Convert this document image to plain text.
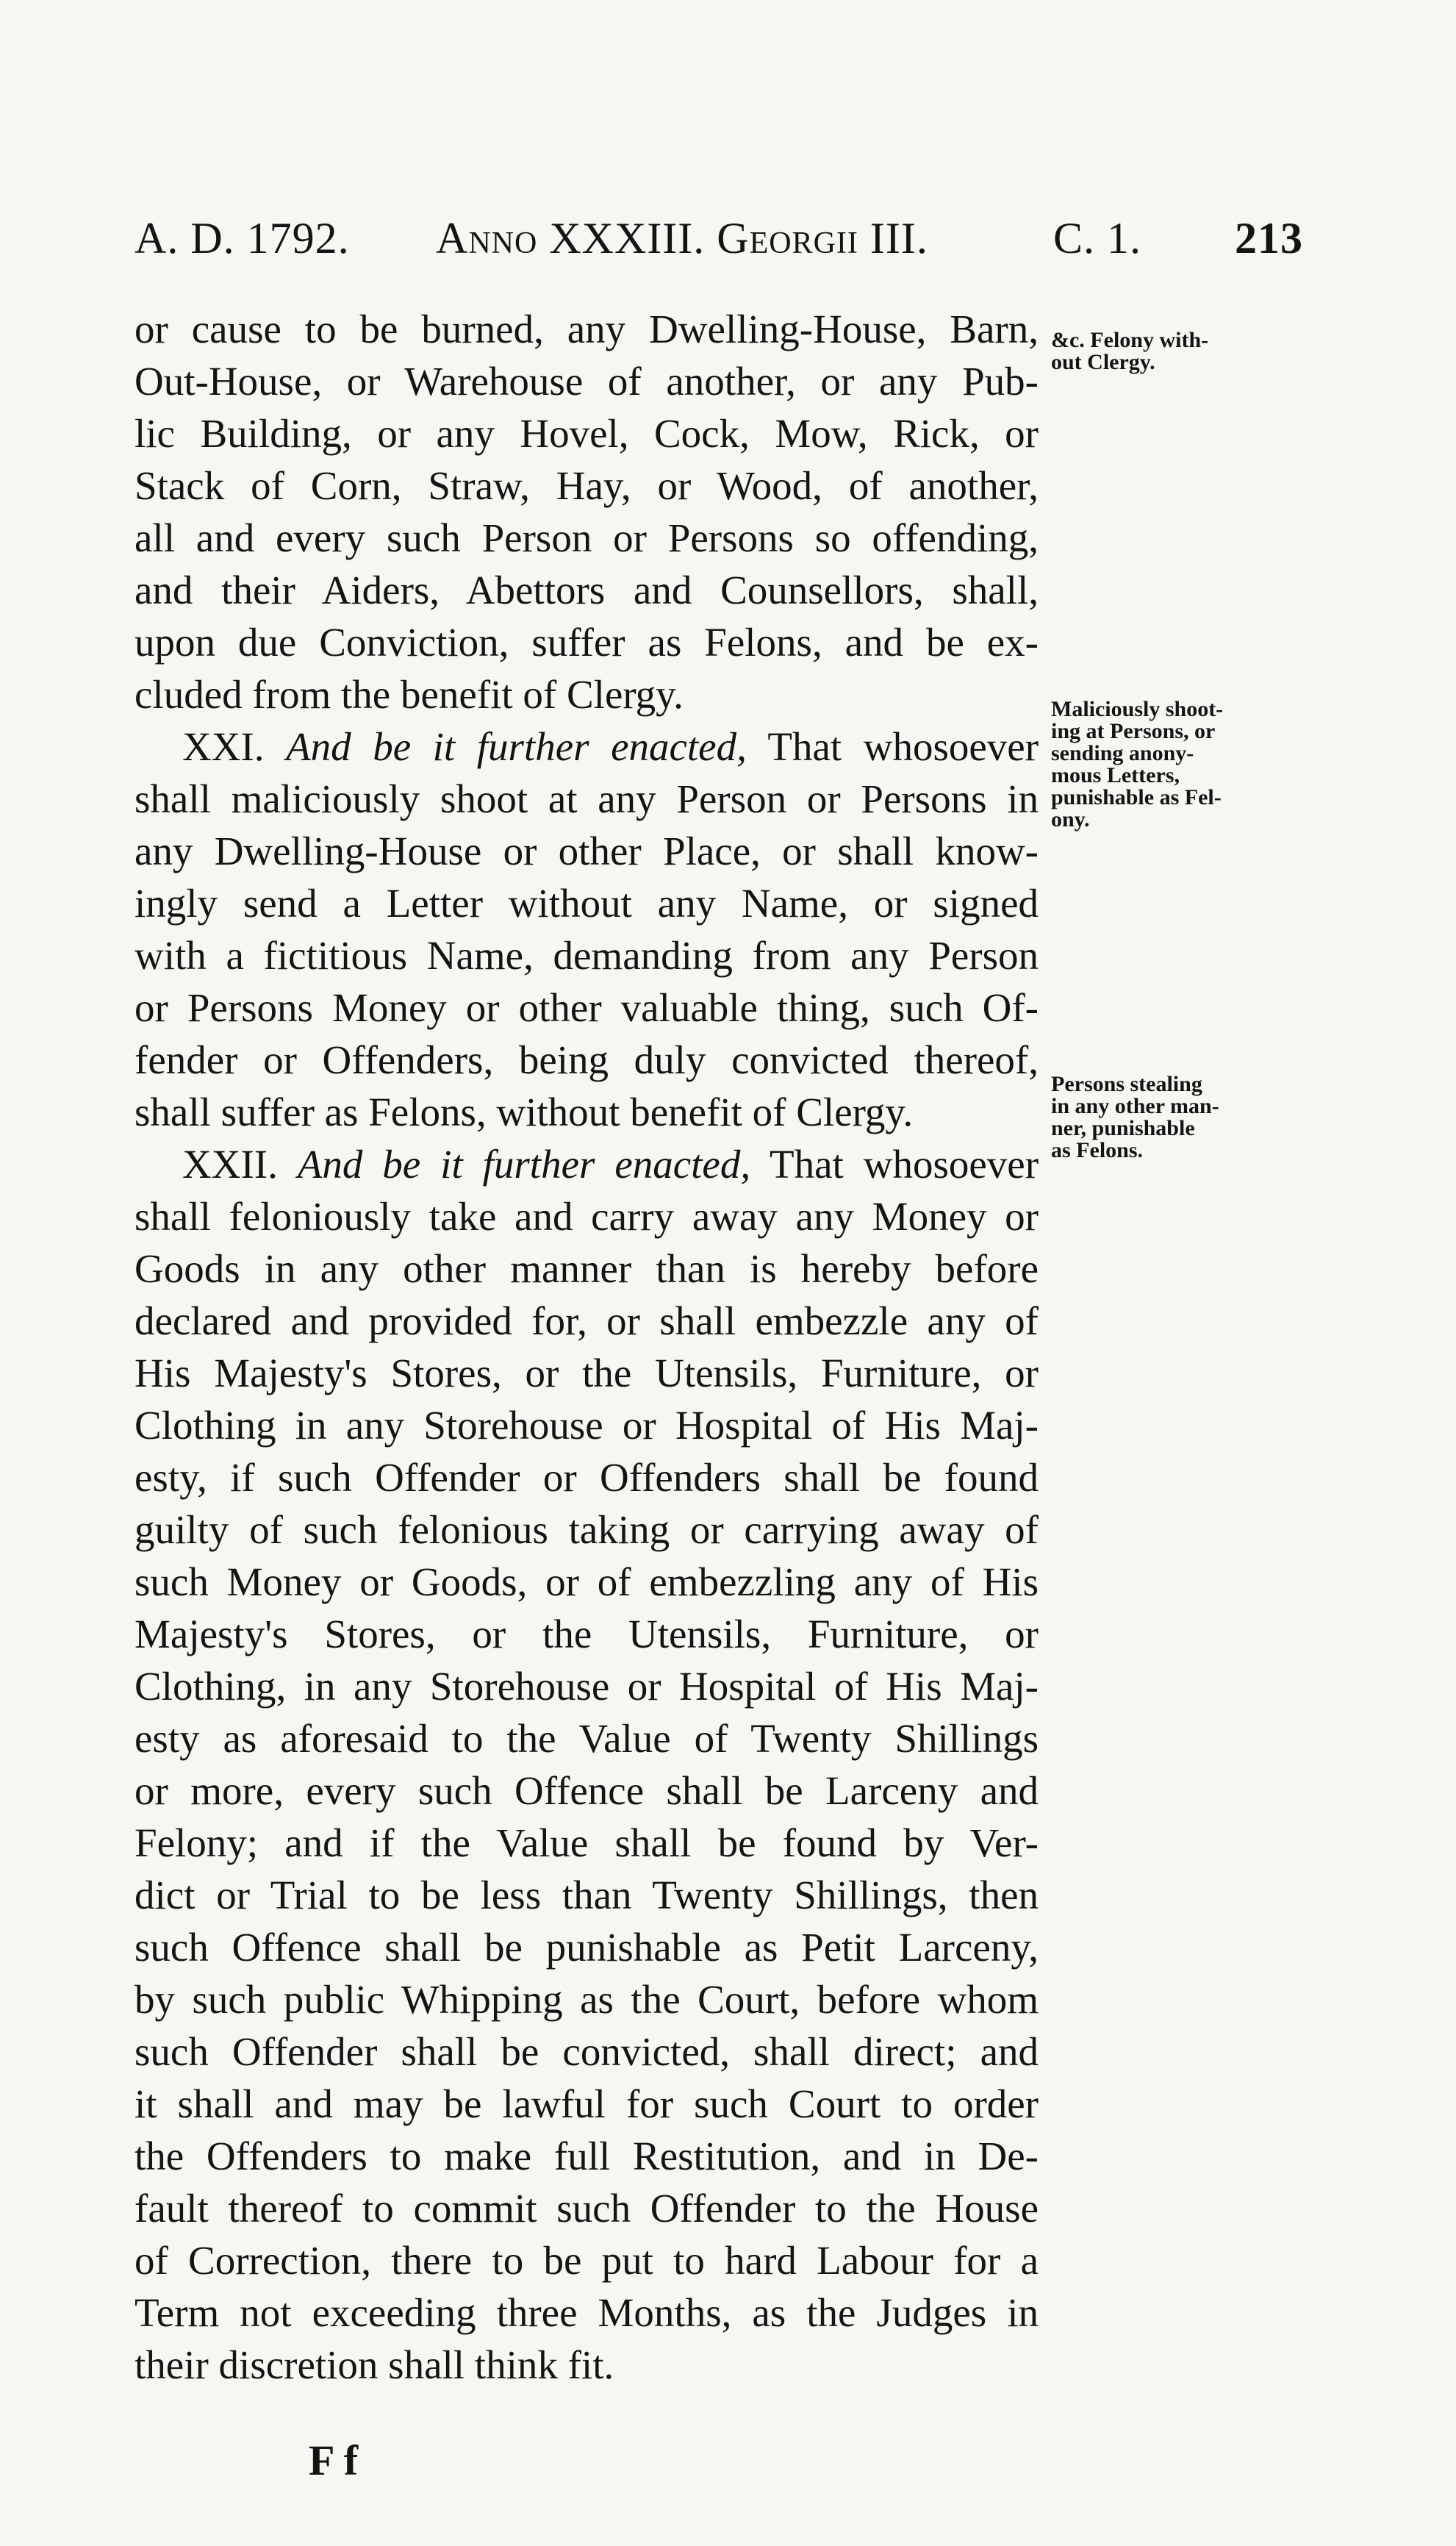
A. D. 1792. Anno XXXIII. Georgii III.	C. 1. 213
or cause to be burned, any Dwelling-House, Barn,
Out-House, or Warehouse of another, or any Pub-
lic Building, or any Hovel, Cock, Mow, Rick, or
Stack of Corn, Straw, Hay, or Wood, of another,
all and every such Person or Persons so offending,
and their Aiders, Abettors and Counsellors, shall,
upon due Conviction, suffer as Felons, and be ex-
cluded from the benefit of Clergy.
XXI. And be it further enacted, That whosoever
shall maliciously shoot at any Person or Persons in
any Dwelling-House or other Place, or shall know-
ingly send a Letter without any Name, or signed
with a fictitious Name, demanding from any Person
or Persons Money or other valuable thing, such Of-
fender or Offenders, being duly convicted thereof,
shall suffer as Felons, without benefit of Clergy.
XXII. And be it further enacted, That whosoever
shall feloniously take and carry away any Money or
Goods in any other manner than is hereby before
declared and provided for, or shall embezzle any of
His Majesty's Stores, or the Utensils, Furniture, or
Clothing in any Storehouse or Hospital of His Maj-
esty, if such Offender or Offenders shall be found
guilty of such felonious taking or carrying away of
such Money or Goods, or of embezzling any of His
Majesty's Stores, or the Utensils, Furniture, or
Clothing, in any Storehouse or Hospital of His Maj-
esty as aforesaid to the Value of Twenty Shillings
or more, every such Offence shall be Larceny and
Felony; and if the Value shall be found by Ver-
dict or Trial to be less than Twenty Shillings, then
such Offence shall be punishable as Petit Larceny,
by such public Whipping as the Court, before whom
such Offender shall be convicted, shall direct; and
it shall and may be lawful for such Court to order
the Offenders to make full Restitution, and in De-
fault thereof to commit such Offender to the House
of Correction, there to be put to hard Labour for a
Term not exceeding three Months, as the Judges in
their discretion shall think fit.
&c. Felony with-
out Clergy.
Maliciously shoot-
ing at Persons, or
sending anony-
mous Letters,
punishable as Fel-
ony.
Persons stealing
in any other man-
ner, punishable
as Felons.
F f
